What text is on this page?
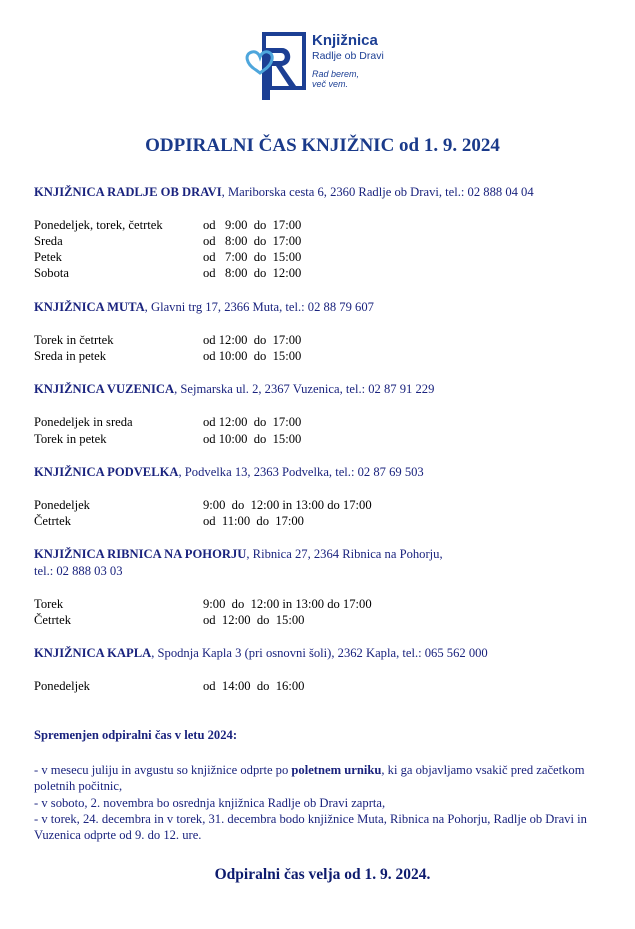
Knjižnica
Radlje ob Dravi
Rad berem,
več vem.
ODPIRALNI ČAS KNJIŽNIC od 1. 9. 2024
KNJIŽNICA RADLJE OB DRAVI, Mariborska cesta 6, 2360 Radlje ob Dravi, tel.: 02 888 04 04
Ponedeljek, torek, četrtek	od   9:00  do  17:00
Sreda	od   8:00  do  17:00
Petek	od   7:00  do  15:00
Sobota	od   8:00  do  12:00
KNJIŽNICA MUTA, Glavni trg 17, 2366 Muta, tel.: 02 88 79 607
Torek in četrtek	od 12:00  do  17:00
Sreda in petek	od 10:00  do  15:00
KNJIŽNICA VUZENICA, Sejmarska ul. 2, 2367 Vuzenica, tel.: 02 87 91 229
Ponedeljek in sreda	od 12:00  do  17:00
Torek in petek	od 10:00  do  15:00
KNJIŽNICA PODVELKA, Podvelka 13, 2363 Podvelka, tel.: 02 87 69 503
Ponedeljek	9:00  do  12:00 in 13:00 do 17:00
Četrtek	od  11:00  do  17:00
KNJIŽNICA RIBNICA NA POHORJU, Ribnica 27, 2364 Ribnica na Pohorju,
tel.: 02 888 03 03
Torek	9:00  do  12:00 in 13:00 do 17:00
Četrtek	od  12:00  do  15:00
KNJIŽNICA KAPLA, Spodnja Kapla 3 (pri osnovni šoli), 2362 Kapla, tel.: 065 562 000
Ponedeljek	od  14:00  do  16:00
Spremenjen odpiralni čas v letu 2024:
- v mesecu juliju in avgustu so knjižnice odprte po poletnem urniku, ki ga objavljamo vsakič pred začetkom poletnih počitnic,
- v soboto, 2. novembra bo osrednja knjižnica Radlje ob Dravi zaprta,
- v torek, 24. decembra in v torek, 31. decembra bodo knjižnice Muta, Ribnica na Pohorju, Radlje ob Dravi in Vuzenica odprte od 9. do 12. ure.
Odpiralni čas velja od 1. 9. 2024.
